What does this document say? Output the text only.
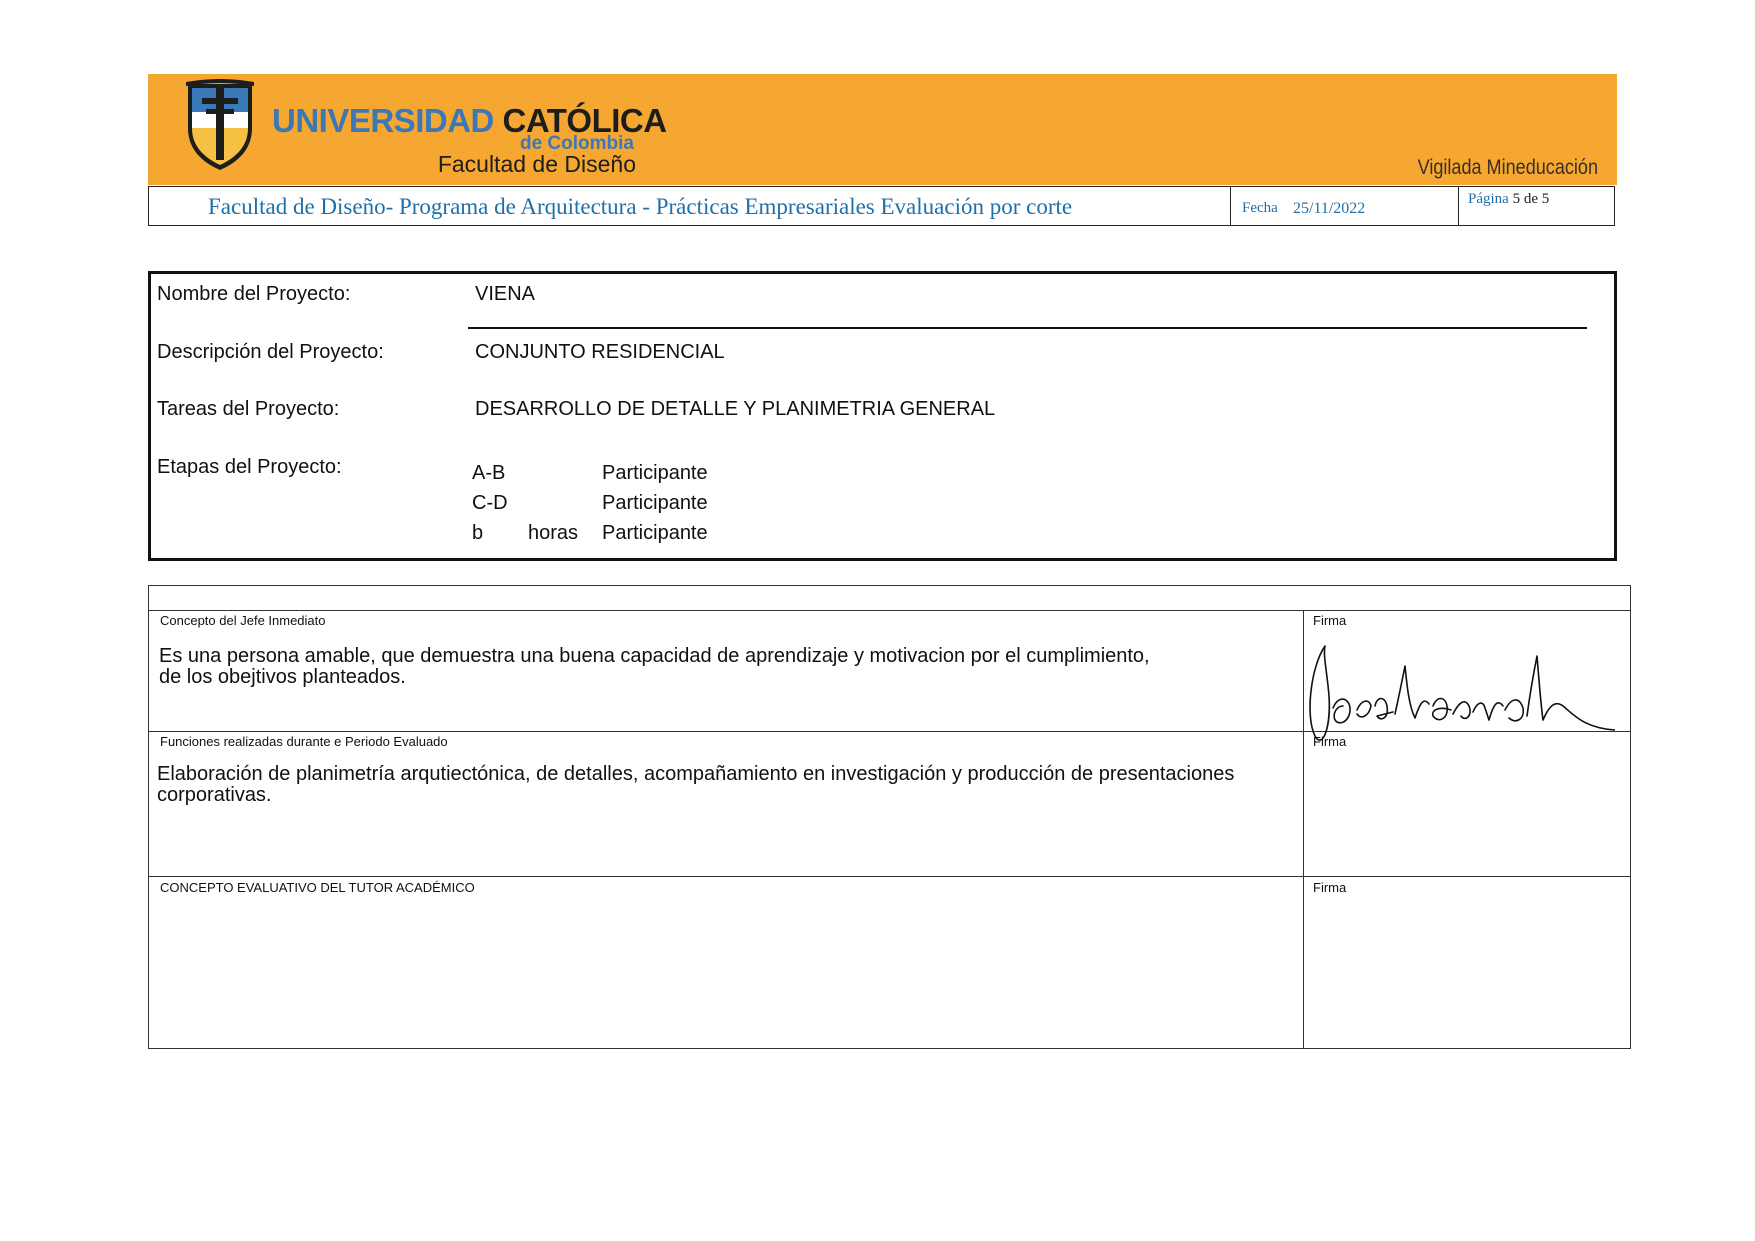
UNIVERSIDAD CATÓLICA
de Colombia
Facultad de Diseño	Vigilada Mineducación
Facultad de Diseño- Programa de Arquitectura - Prácticas Empresariales Evaluación por corte	Fecha 25/11/2022
Página 5 de 5
Nombre del Proyecto:	VIENA
Descripción del Proyecto:	CONJUNTO RESIDENCIAL
Tareas del Proyecto:	DESARROLLO DE DETALLE Y PLANIMETRIA GENERAL
Etapas del Proyecto:	A-B	Participante
C-D	Participante
b horas Participante
Concepto del Jefe Inmediato
Es una persona amable, que demuestra una buena capacidad de aprendizaje y motivacion por el cumplimiento,
de los obejtivos planteados.
Firma
Funciones realizadas durante e Periodo Evaluado
Elaboración de planimetría arqutiectónica, de detalles, acompañamiento en investigación y producción de presentaciones corporativas.
Firma
CONCEPTO EVALUATIVO DEL TUTOR ACADÉMICO	Firma
